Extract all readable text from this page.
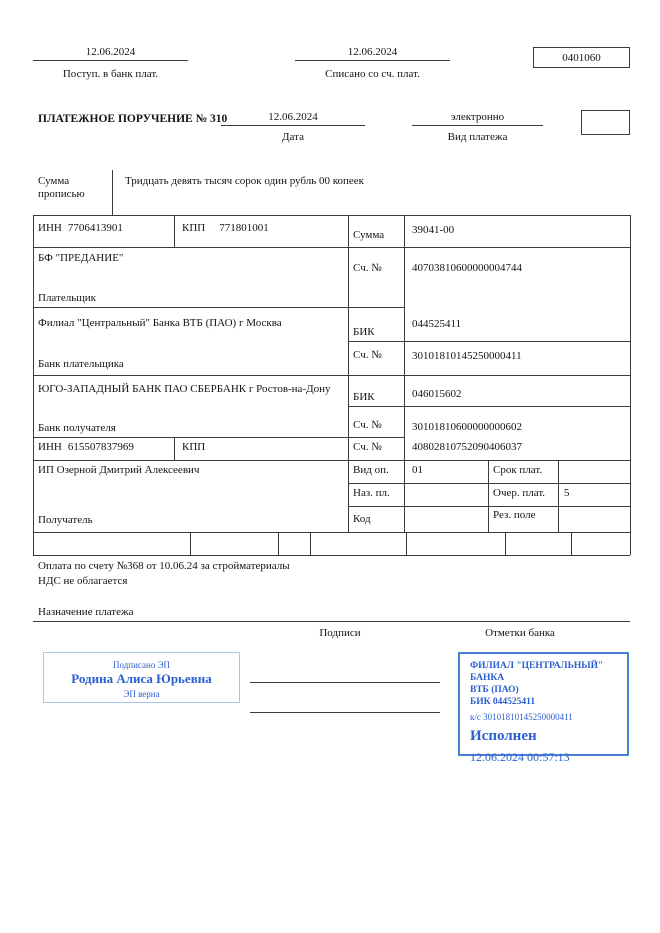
12.06.2024
Поступ. в банк плат.
12.06.2024
Списано со сч. плат.
0401060
ПЛАТЕЖНОЕ ПОРУЧЕНИЕ № 310	12.06.2024
Дата
электронно
Вид платежа
Сумма прописью
Тридцать девять тысяч сорок один рубль 00 копеек
ИНН 7706413901	КПП 771801001
Сумма	39041-00
БФ "ПРЕДАНИЕ"
Плательщик
Сч. №	40703810600000004744
Филиал "Центральный" Банка ВТБ (ПАО) г Москва
Банк плательщика
БИК
044525411
Сч. №	30101810145250000411
ЮГО-ЗАПАДНЫЙ БАНК ПАО СБЕРБАНК г Ростов-на-Дону
Банк получателя
БИК	046015602
Сч. №	30101810600000000602
ИНН 615507837969	КПП	Сч. №	40802810752090406037
ИП Озерной Дмитрий Алексеевич
Получатель
Вид оп. 01	Срок плат.
Наз. пл.	Очер. плат. 5
Код	Рез. поле
Оплата по счету №368 от 10.06.24 за стройматериалы
НДС не облагается
Назначение платежа
Подписи	Отметки банка
Подписано ЭП
Родина Алиса Юрьевна
ЭП верна
ФИЛИАЛ "ЦЕНТРАЛЬНЫЙ" БАНКА
ВТБ (ПАО)
БИК 044525411
к/с 30101810145250000411
Исполнен
12.06.2024 00:57:13
